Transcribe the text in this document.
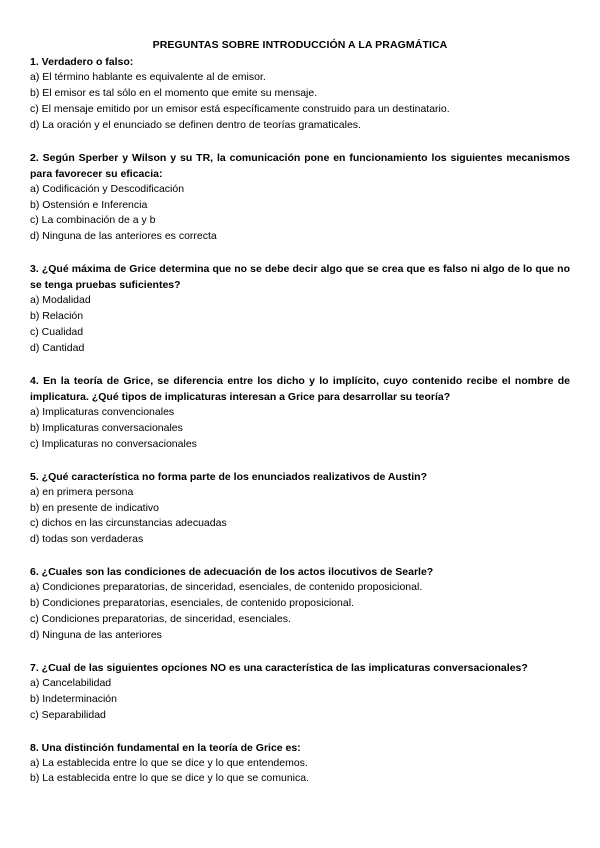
PREGUNTAS SOBRE INTRODUCCIÓN A LA PRAGMÁTICA

1. Verdadero o falso:

a) El término hablante es equivalente al de emisor.
b) El emisor es tal sólo en el momento que emite su mensaje.
c) El mensaje emitido por un emisor está específicamente construido para un destinatario.
d) La oración y el enunciado se definen dentro de teorías gramaticales.

2. Según Sperber y Wilson y su TR, la comunicación pone en funcionamiento los siguientes mecanismos para favorecer su eficacia:

a) Codificación y Descodificación
b) Ostensión e Inferencia
c) La combinación de a y b
d) Ninguna de las anteriores es correcta

3. ¿Qué máxima de Grice determina que no se debe decir algo que se crea que es falso ni algo de lo que no se tenga pruebas suficientes?

a) Modalidad
b) Relación
c) Cualidad
d) Cantidad

4. En la teoría de Grice, se diferencia entre los dicho y lo implícito, cuyo contenido recibe el nombre de implicatura. ¿Qué tipos de implicaturas interesan a Grice para desarrollar su teoría?

a) Implicaturas convencionales
b) Implicaturas conversacionales
c) Implicaturas no conversacionales

5. ¿Qué característica no forma parte de los enunciados realizativos de Austin?

a) en primera persona
b) en presente de indicativo
c) dichos en las circunstancias adecuadas
d) todas son verdaderas

6. ¿Cuales son las condiciones de adecuación de los actos ilocutivos de Searle?

a) Condiciones preparatorias, de sinceridad, esenciales, de contenido proposicional.
b) Condiciones preparatorias, esenciales, de contenido proposicional.
c) Condiciones preparatorias, de sinceridad, esenciales.
d) Ninguna de las anteriores

7. ¿Cual de las siguientes opciones NO es una característica de las implicaturas conversacionales?

a) Cancelabilidad
b) Indeterminación
c) Separabilidad

8. Una distinción fundamental en la teoría de Grice es:

a) La establecida entre lo que se dice y lo que entendemos.
b) La establecida entre lo que se dice y lo que se comunica.
